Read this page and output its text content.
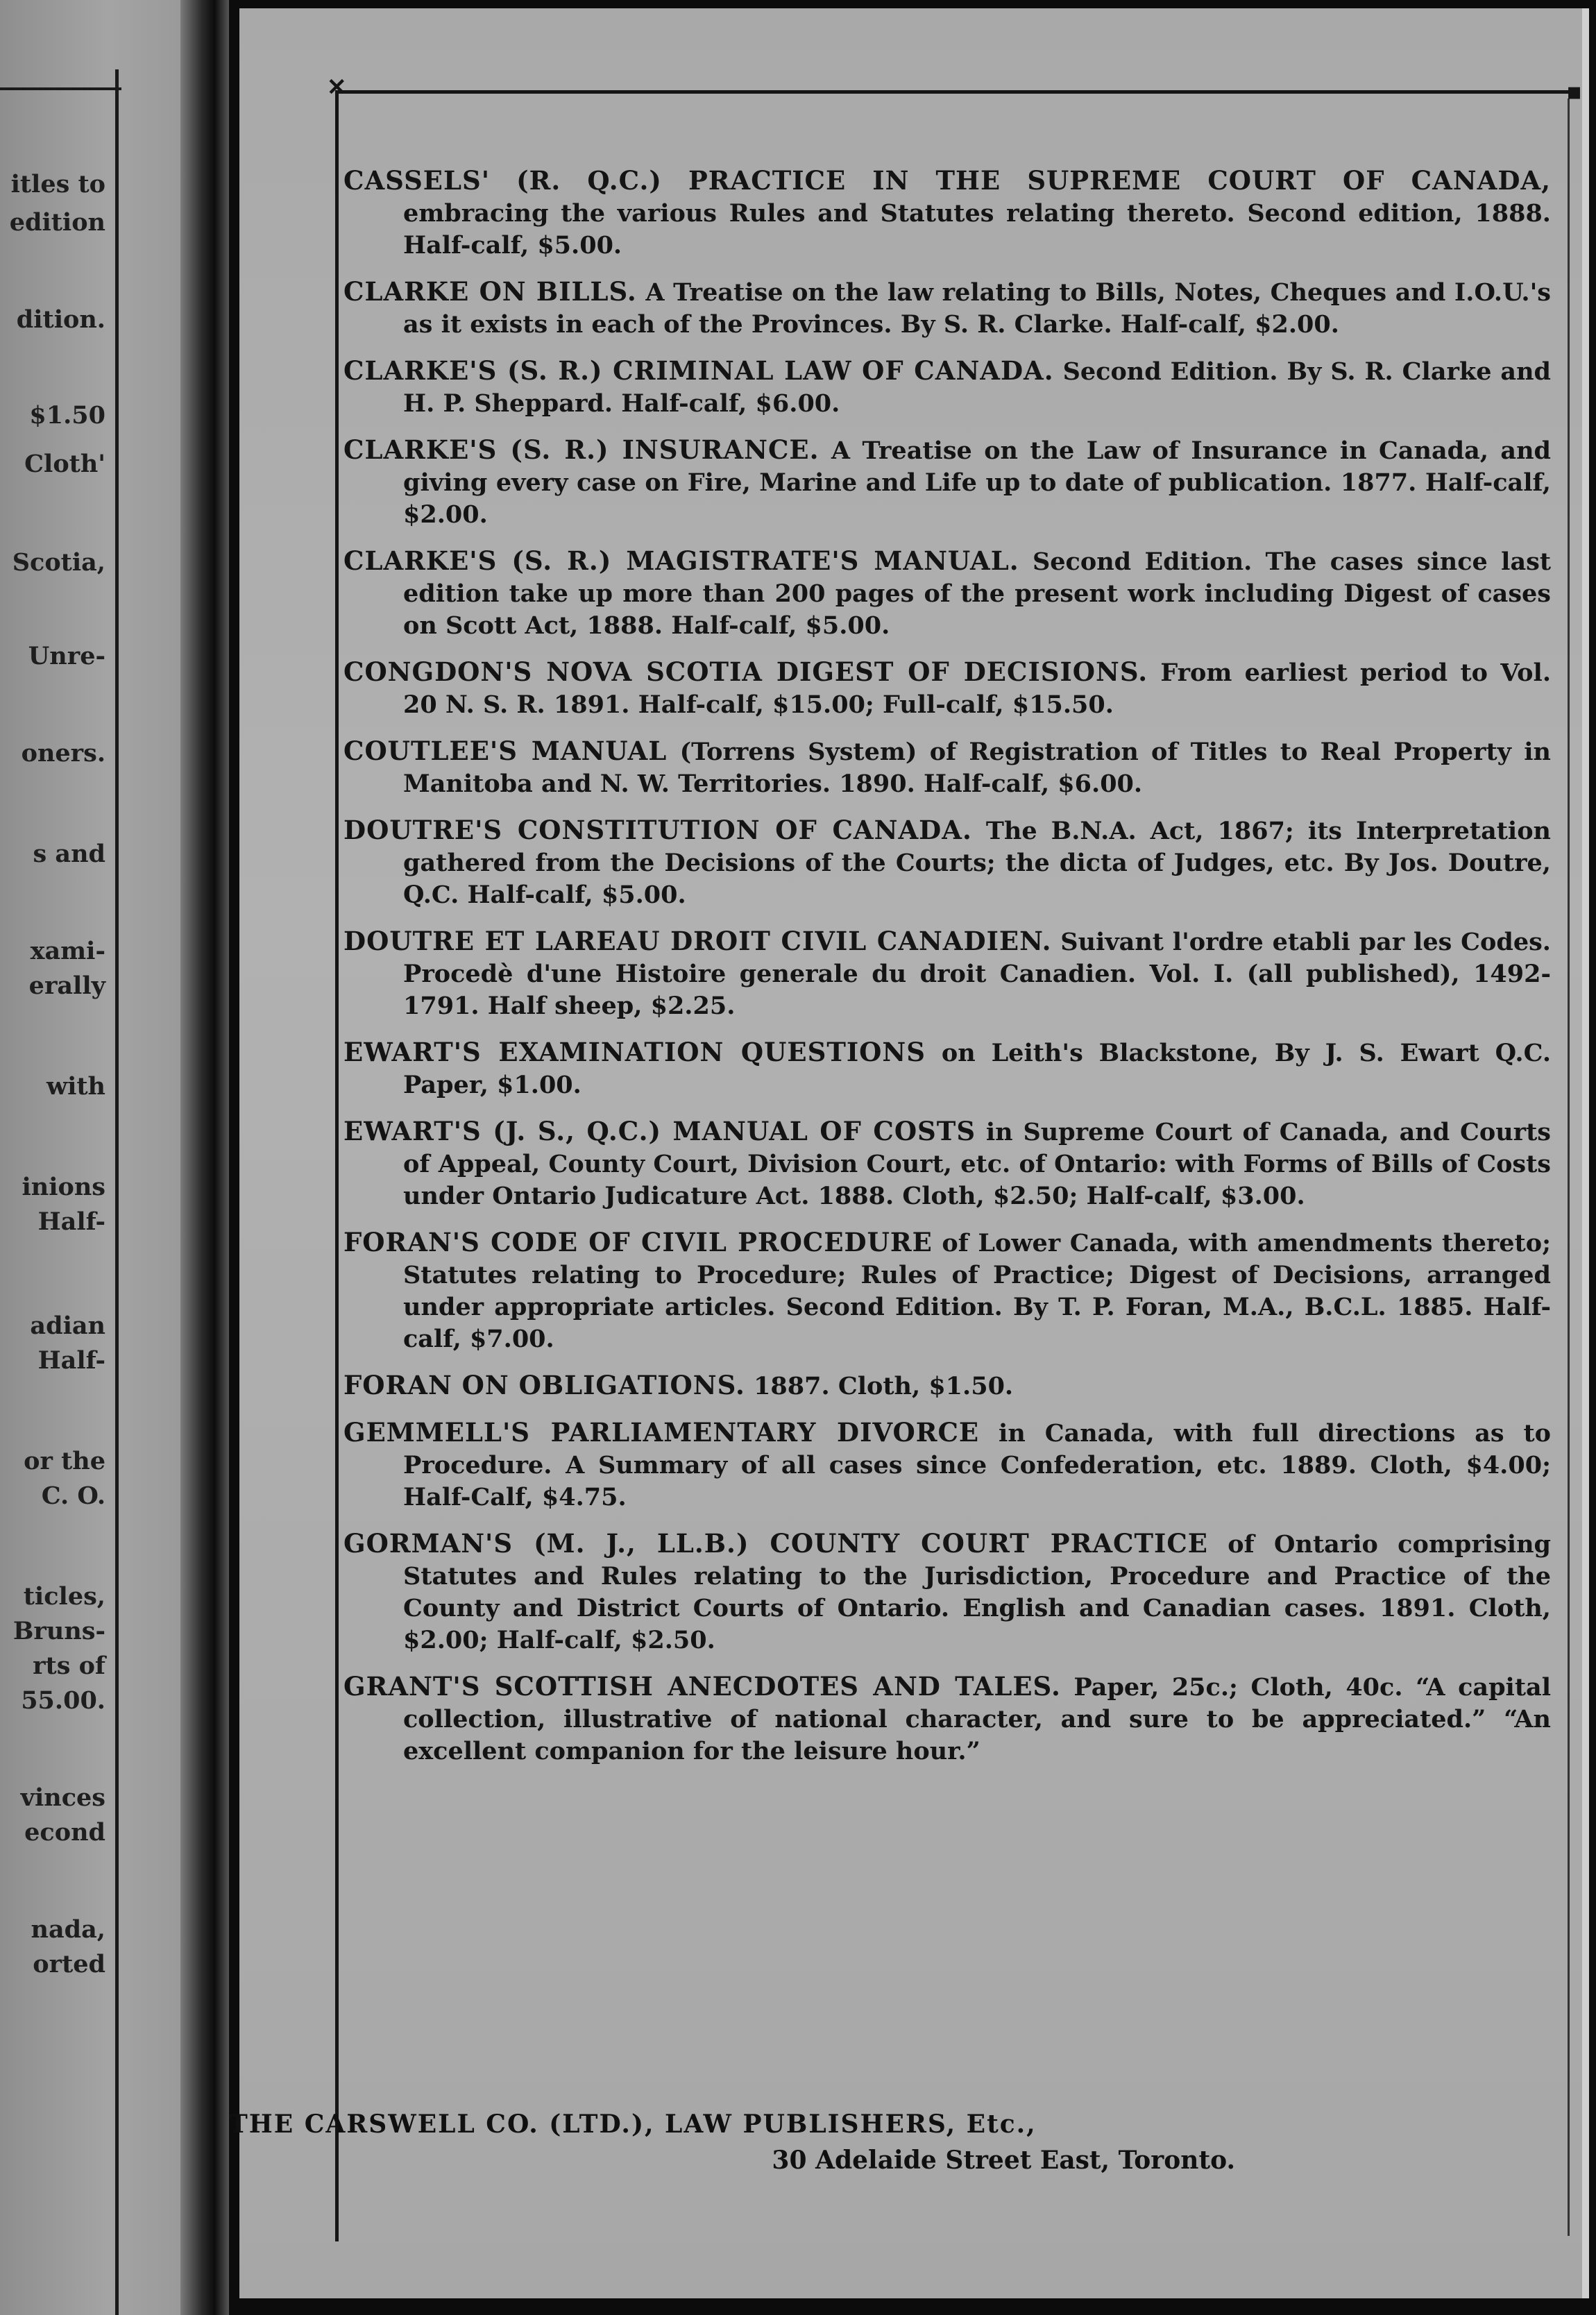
itles to
edition
dition.
$1.50
Cloth'
Scotia,
Unre-
oners.
s and
xami-
erally
with
inions
Half-
adian
Half-
or the
C. O.
ticles,
Bruns-
rts of
55.00.
vinces
econd
nada,
orted
✕	▪

CASSELS' (R. Q.C.) PRACTICE IN THE SUPREME COURT OF CANADA, embracing the various Rules and Statutes relating thereto. Second edition, 1888. Half-calf, $5.00.

CLARKE ON BILLS. A Treatise on the law relating to Bills, Notes, Cheques and I.O.U.'s as it exists in each of the Provinces. By S. R. Clarke. Half-calf, $2.00.

CLARKE'S (S. R.) CRIMINAL LAW OF CANADA. Second Edition. By S. R. Clarke and H. P. Sheppard. Half-calf, $6.00.

CLARKE'S (S. R.) INSURANCE. A Treatise on the Law of Insurance in Canada, and giving every case on Fire, Marine and Life up to date of publication. 1877. Half-calf, $2.00.

CLARKE'S (S. R.) MAGISTRATE'S MANUAL. Second Edition. The cases since last edition take up more than 200 pages of the present work including Digest of cases on Scott Act, 1888. Half-calf, $5.00.

CONGDON'S NOVA SCOTIA DIGEST OF DECISIONS. From earliest period to Vol. 20 N. S. R. 1891. Half-calf, $15.00; Full-calf, $15.50.

COUTLEE'S MANUAL (Torrens System) of Registration of Titles to Real Property in Manitoba and N. W. Territories. 1890. Half-calf, $6.00.

DOUTRE'S CONSTITUTION OF CANADA. The B.N.A. Act, 1867; its Interpretation gathered from the Decisions of the Courts; the dicta of Judges, etc. By Jos. Doutre, Q.C. Half-calf, $5.00.

DOUTRE ET LAREAU DROIT CIVIL CANADIEN. Suivant l'ordre etabli par les Codes. Procedè d'une Histoire generale du droit Canadien. Vol. I. (all published), 1492-1791. Half sheep, $2.25.

EWART'S EXAMINATION QUESTIONS on Leith's Blackstone, By J. S. Ewart Q.C. Paper, $1.00.

EWART'S (J. S., Q.C.) MANUAL OF COSTS in Supreme Court of Canada, and Courts of Appeal, County Court, Division Court, etc. of Ontario: with Forms of Bills of Costs under Ontario Judicature Act. 1888. Cloth, $2.50; Half-calf, $3.00.

FORAN'S CODE OF CIVIL PROCEDURE of Lower Canada, with amendments thereto; Statutes relating to Procedure; Rules of Practice; Digest of Decisions, arranged under appropriate articles. Second Edition. By T. P. Foran, M.A., B.C.L. 1885. Half-calf, $7.00.

FORAN ON OBLIGATIONS. 1887. Cloth, $1.50.

GEMMELL'S PARLIAMENTARY DIVORCE in Canada, with full directions as to Procedure. A Summary of all cases since Confederation, etc. 1889. Cloth, $4.00; Half-Calf, $4.75.

GORMAN'S (M. J., LL.B.) COUNTY COURT PRACTICE of Ontario comprising Statutes and Rules relating to the Jurisdiction, Procedure and Practice of the County and District Courts of Ontario. English and Canadian cases. 1891. Cloth, $2.00; Half-calf, $2.50.

GRANT'S SCOTTISH ANECDOTES AND TALES. Paper, 25c.; Cloth, 40c. “A capital collection, illustrative of national character, and sure to be appreciated.” “An excellent companion for the leisure hour.”

THE CARSWELL CO. (LTD.), LAW PUBLISHERS, Etc.,
30 Adelaide Street East, Toronto.
